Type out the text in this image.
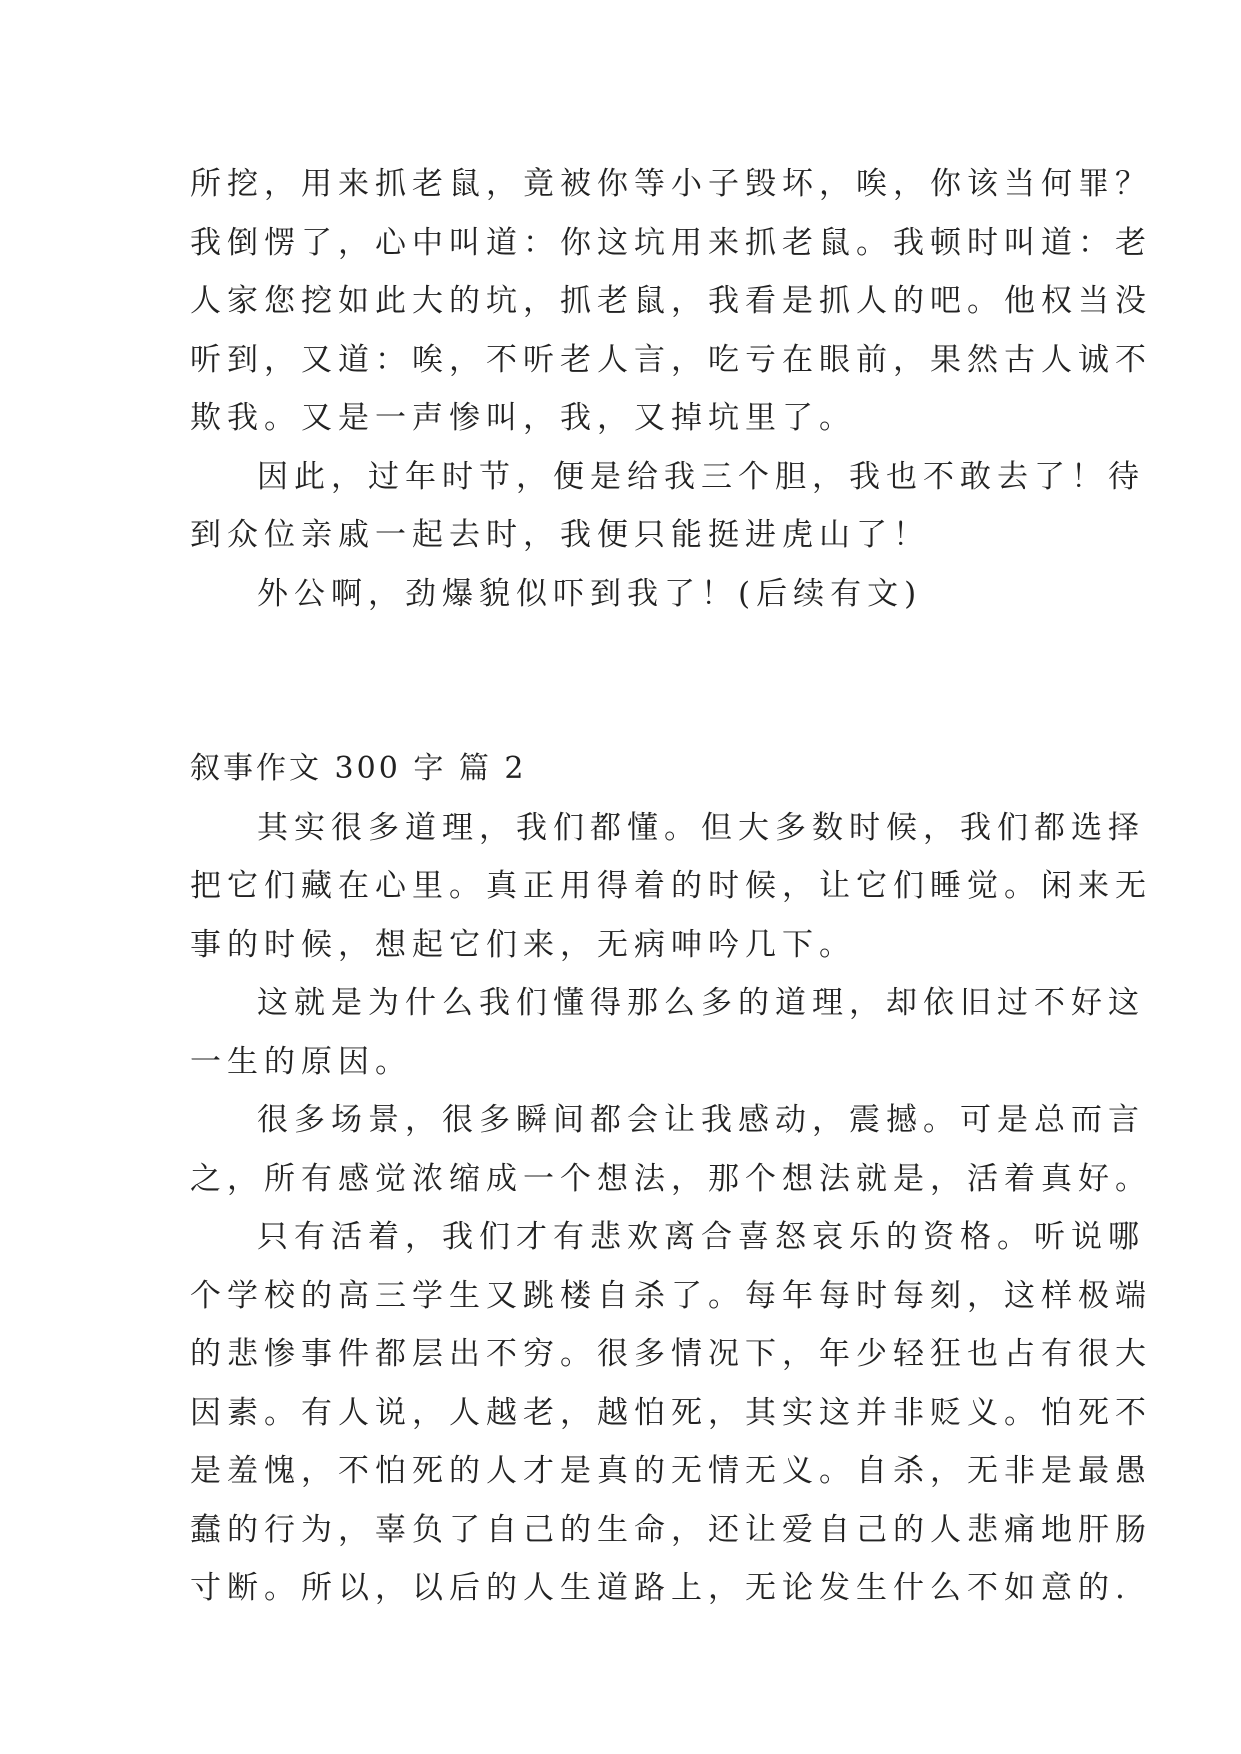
所挖，用来抓老鼠，竟被你等小子毁坏，唉，你该当何罪？
我倒愣了，心中叫道：你这坑用来抓老鼠。我顿时叫道：老
人家您挖如此大的坑，抓老鼠，我看是抓人的吧。他权当没
听到，又道：唉，不听老人言，吃亏在眼前，果然古人诚不
欺我。又是一声惨叫，我，又掉坑里了。
因此，过年时节，便是给我三个胆，我也不敢去了！待
到众位亲戚一起去时，我便只能挺进虎山了！
外公啊，劲爆貌似吓到我了！(后续有文)
叙事作文 300 字 篇 2
其实很多道理，我们都懂。但大多数时候，我们都选择
把它们藏在心里。真正用得着的时候，让它们睡觉。闲来无
事的时候，想起它们来，无病呻吟几下。
这就是为什么我们懂得那么多的道理，却依旧过不好这
一生的原因。
很多场景，很多瞬间都会让我感动，震撼。可是总而言
之，所有感觉浓缩成一个想法，那个想法就是，活着真好。
只有活着，我们才有悲欢离合喜怒哀乐的资格。听说哪
个学校的高三学生又跳楼自杀了。每年每时每刻，这样极端
的悲惨事件都层出不穷。很多情况下，年少轻狂也占有很大
因素。有人说，人越老，越怕死，其实这并非贬义。怕死不
是羞愧，不怕死的人才是真的无情无义。自杀，无非是最愚
蠢的行为，辜负了自己的生命，还让爱自己的人悲痛地肝肠
寸断。所以，以后的人生道路上，无论发生什么不如意的.
